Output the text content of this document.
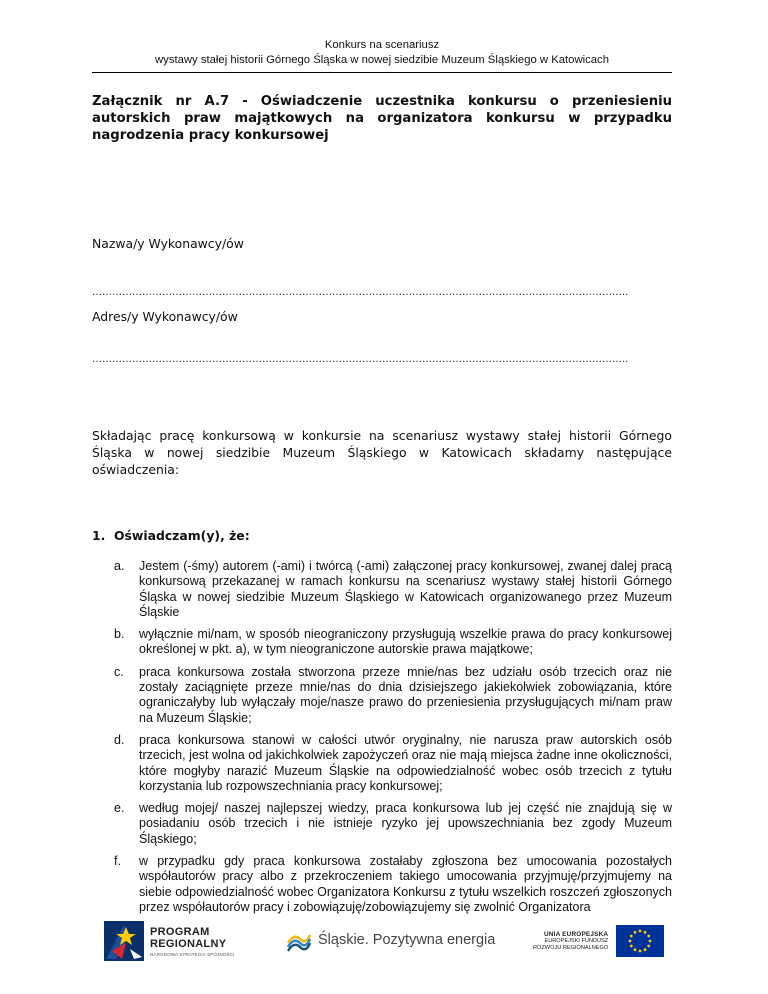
Konkurs na scenariusz
wystawy stałej historii Górnego Śląska w nowej siedzibie Muzeum Śląskiego w Katowicach
Załącznik nr A.7 - Oświadczenie uczestnika konkursu o przeniesieniu autorskich praw majątkowych na organizatora konkursu w przypadku nagrodzenia pracy konkursowej
Nazwa/y Wykonawcy/ów
……………………………………………………………………………………………………………………………………………..
Adres/y Wykonawcy/ów
……………………………………………………………………………………………………………………………………………..

Składając pracę konkursową w konkursie na scenariusz wystawy stałej historii Górnego Śląska w nowej siedzibie Muzeum Śląskiego w Katowicach składamy następujące oświadczenia:

1. Oświadczam(y), że:
a.	Jestem (-śmy) autorem (-ami) i twórcą (-ami) załączonej pracy konkursowej, zwanej dalej pracą konkursową przekazanej w ramach konkursu na scenariusz wystawy stałej historii Górnego Śląska w nowej siedzibie Muzeum Śląskiego w Katowicach organizowanego przez Muzeum Śląskie
b.	wyłącznie mi/nam, w sposób nieograniczony przysługują wszelkie prawa do pracy konkursowej określonej w pkt. a), w tym nieograniczone autorskie prawa majątkowe;
c.	praca konkursowa została stworzona przeze mnie/nas bez udziału osób trzecich oraz nie zostały zaciągnięte przeze mnie/nas do dnia dzisiejszego jakiekolwiek zobowiązania, które ograniczałyby lub wyłączały moje/nasze prawo do przeniesienia przysługujących mi/nam praw na Muzeum Śląskie;
d.	praca konkursowa stanowi w całości utwór oryginalny, nie narusza praw autorskich osób trzecich, jest wolna od jakichkolwiek zapożyczeń oraz nie mają miejsca żadne inne okoliczności, które mogłyby narazić Muzeum Śląskie na odpowiedzialność wobec osób trzecich z tytułu korzystania lub rozpowszechniania pracy konkursowej;
e.	według mojej/ naszej najlepszej wiedzy, praca konkursowa lub jej część nie znajdują się w posiadaniu osób trzecich i nie istnieje ryzyko jej upowszechniania bez zgody Muzeum Śląskiego;
f.	w przypadku gdy praca konkursowa zostałaby zgłoszona bez umocowania pozostałych współautorów pracy albo z przekroczeniem takiego umocowania przyjmuję/przyjmujemy na siebie odpowiedzialność wobec Organizatora Konkursu z tytułu wszelkich roszczeń zgłoszonych przez współautorów pracy i zobowiązuję/zobowiązujemy się zwolnić Organizatora
PROGRAM
REGIONALNY
NARODOWA STRATEGIA SPÓJNOŚCI
Śląskie. Pozytywna energia	UNIA EUROPEJSKA
EUROPEJSKI FUNDUSZ
ROZWOJU REGIONALNEGO
